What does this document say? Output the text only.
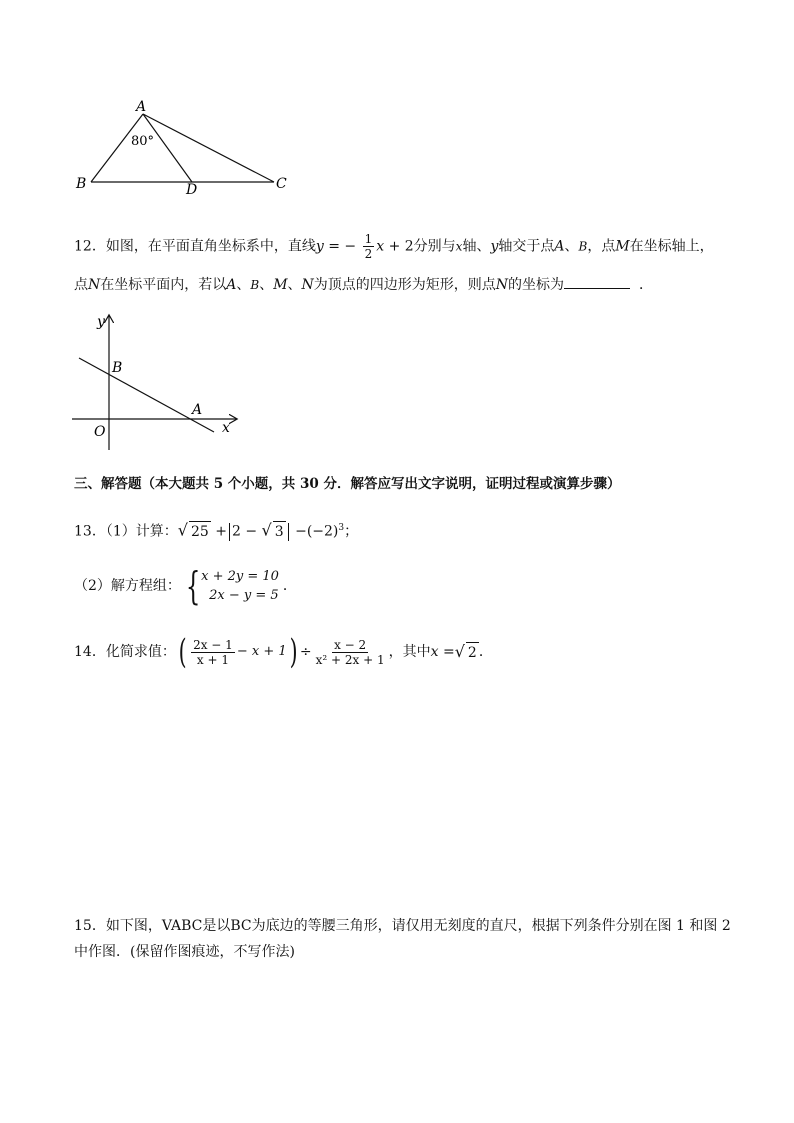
A
80°
B	D	C
12．如图，在平面直角坐标系中，直线y = − $\frac{1}{2}$ x + 2分别与x轴、y轴交于点A、B，点M在坐标轴上，
点N在坐标平面内，若以A、B、M、N为顶点的四边形为矩形，则点N的坐标为	．
y
x
B
A
O
三、解答题（本大题共 5 个小题，共 30 分．解答应写出文字说明，证明过程或演算步骤）
13．（1）计算：√ 25 + 2 − √ $3 -(-2)^3$；
（2）解方程组： { x + 2y = 10
2x − y = 5
．
14．化简求值： ( $\frac{2x - 1}{x + 1} - x + 1$ ) ÷ $\frac{x - 2}{\text{x² + 2x + 1}}$ ，其中 x = √ 2 ．
15．如下图，VABC是以BC为底边的等腰三角形，请仅用无刻度的直尺，根据下列条件分别在图 1 和图 2
中作图．(保留作图痕迹，不写作法)
